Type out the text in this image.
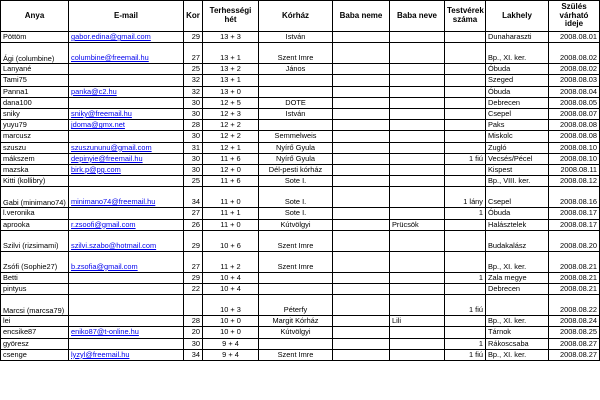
Anya	E-mail	Kor	Terhességi hét	Kórház	Baba neme	Baba neve	Testvérek száma	Lakhely	Szülés várható ideje
Pöttöm	gabor.edina@gmail.com	29	13 + 3	István				Dunaharaszti	2008.08.01
Ági (columbine)	columbine@freemail.hu	27	13 + 1	Szent Imre				Bp., XI. ker.	2008.08.02
Lanyané		25	13 + 2	János				Óbuda	2008.08.02
Tami75		32	13 + 1					Szeged	2008.08.03
Panna1	panka@c2.hu	32	13 + 0					Óbuda	2008.08.04
dana100		30	12 + 5	DOTE				Debrecen	2008.08.05
sniky	sniky@freemail.hu	30	12 + 3	István				Csepel	2008.08.07
yuyu79	jdoma@gmx.net	28	12 + 2					Paks	2008.08.08
marcusz		30	12 + 2	Semmelweis				Miskolc	2008.08.08
szuszu	szuszununu@gmail.com	31	12 + 1	Nyírő Gyula				Zugló	2008.08.10
mákszem	depinyie@freemail.hu	30	11 + 6	Nyírő Gyula			1 fiú	Vecsés/Pécel	2008.08.10
mazska	birk.p@pg.com	30	12 + 0	Dél-pesti kórház				Kispest	2008.08.11
Kitti (kollibry)		25	11 + 6	Sote I.				Bp., VIII. ker.	2008.08.12
Gabi (minimano74)	minimano74@freemail.hu	34	11 + 0	Sote I.			1 lány	Csepel	2008.08.16
l.veronika		27	11 + 1	Sote I.			1	Óbuda	2008.08.17
aprooka	r.zsoofi@gmail.com	26	11 + 0	Kútvölgyi		Prücsök		Halásztelek	2008.08.17
Szilvi (rizsimami)	szilvi.szabo@hotmail.com	29	10 + 6	Szent Imre				Budakalász	2008.08.20
Zsófi (Sophie27)	b.zsofia@gmail.com	27	11 + 2	Szent Imre				Bp., XI. ker.	2008.08.21
Betti		29	10 + 4				1	Zala megye	2008.08.21
pintyus		22	10 + 4					Debrecen	2008.08.21
Marcsi (marcsa79)			10 + 3	Péterfy			1 fiú		2008.08.22
lei		28	10 + 0	Margit Kórház		Lili		Bp., XI. ker.	2008.08.24
encsike87	eniko87@t-online.hu	20	10 + 0	Kútvölgyi				Tárnok	2008.08.25
györesz		30	9 + 4				1	Rákoscsaba	2008.08.27
csenge	lyzyl@freemail.hu	34	9 + 4	Szent Imre			1 fiú	Bp., XI. ker.	2008.08.27
